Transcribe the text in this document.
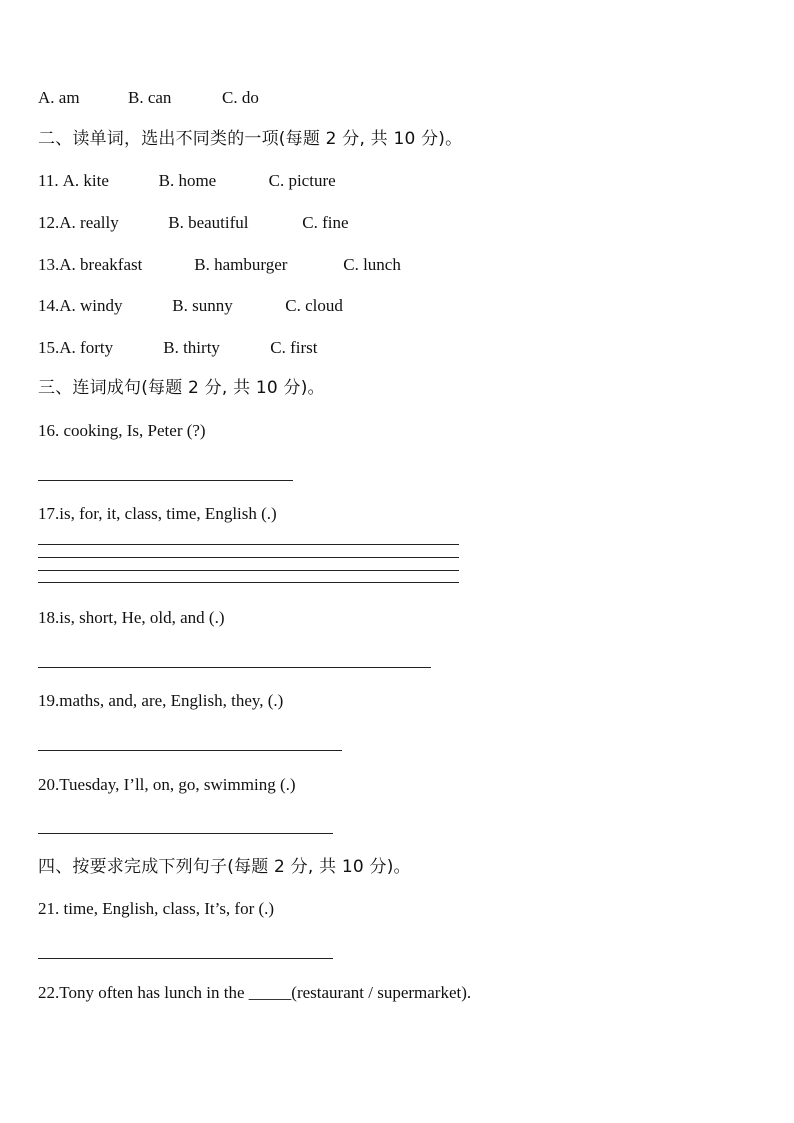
A. am	B. can	C. do
二、读单词，选出不同类的一项(每题 2 分, 共 10 分)。
11. A. kite	B. home	C. picture
12.A. really	B. beautiful	C. fine
13.A. breakfast	B. hamburger	C. lunch
14.A. windy	B. sunny	C. cloud
15.A. forty	B. thirty	C. first
三、连词成句(每题 2 分, 共 10 分)。
16. cooking, Is, Peter (?)
17.is, for, it, class, time, English (.)
18.is, short, He, old, and (.)
19.maths, and, are, English, they, (.)
20.Tuesday, I’ll, on, go, swimming (.)
四、按要求完成下列句子(每题 2 分, 共 10 分)。
21. time, English, class, It’s, for (.)
22.Tony often has lunch in the _____(restaurant / supermarket).
